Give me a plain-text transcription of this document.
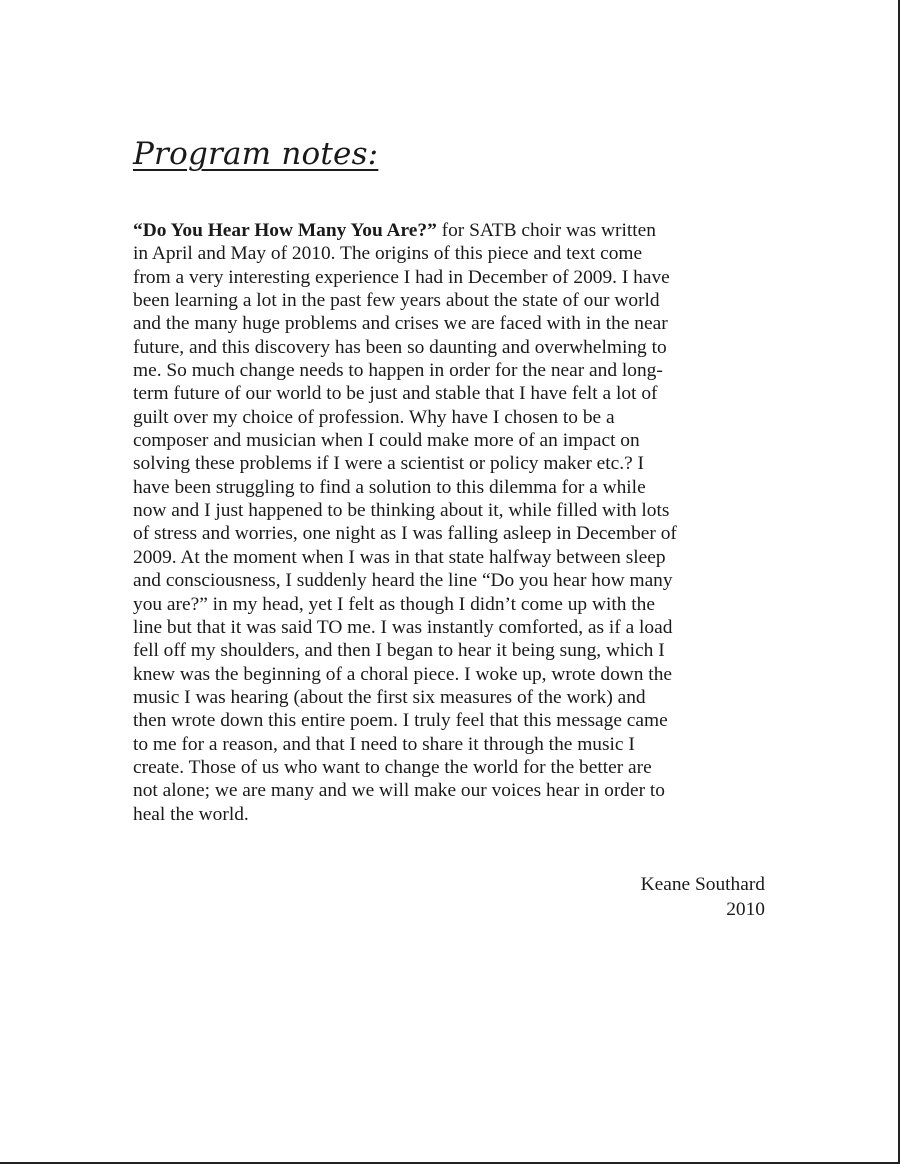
Program notes:

“Do You Hear How Many You Are?” for SATB choir was written
in April and May of 2010. The origins of this piece and text come
from a very interesting experience I had in December of 2009. I have
been learning a lot in the past few years about the state of our world
and the many huge problems and crises we are faced with in the near
future, and this discovery has been so daunting and overwhelming to
me. So much change needs to happen in order for the near and long-
term future of our world to be just and stable that I have felt a lot of
guilt over my choice of profession. Why have I chosen to be a
composer and musician when I could make more of an impact on
solving these problems if I were a scientist or policy maker etc.? I
have been struggling to find a solution to this dilemma for a while
now and I just happened to be thinking about it, while filled with lots
of stress and worries, one night as I was falling asleep in December of
2009. At the moment when I was in that state halfway between sleep
and consciousness, I suddenly heard the line “Do you hear how many
you are?” in my head, yet I felt as though I didn’t come up with the
line but that it was said TO me. I was instantly comforted, as if a load
fell off my shoulders, and then I began to hear it being sung, which I
knew was the beginning of a choral piece. I woke up, wrote down the
music I was hearing (about the first six measures of the work) and
then wrote down this entire poem. I truly feel that this message came
to me for a reason, and that I need to share it through the music I
create. Those of us who want to change the world for the better are
not alone; we are many and we will make our voices hear in order to
heal the world.

Keane Southard
2010
